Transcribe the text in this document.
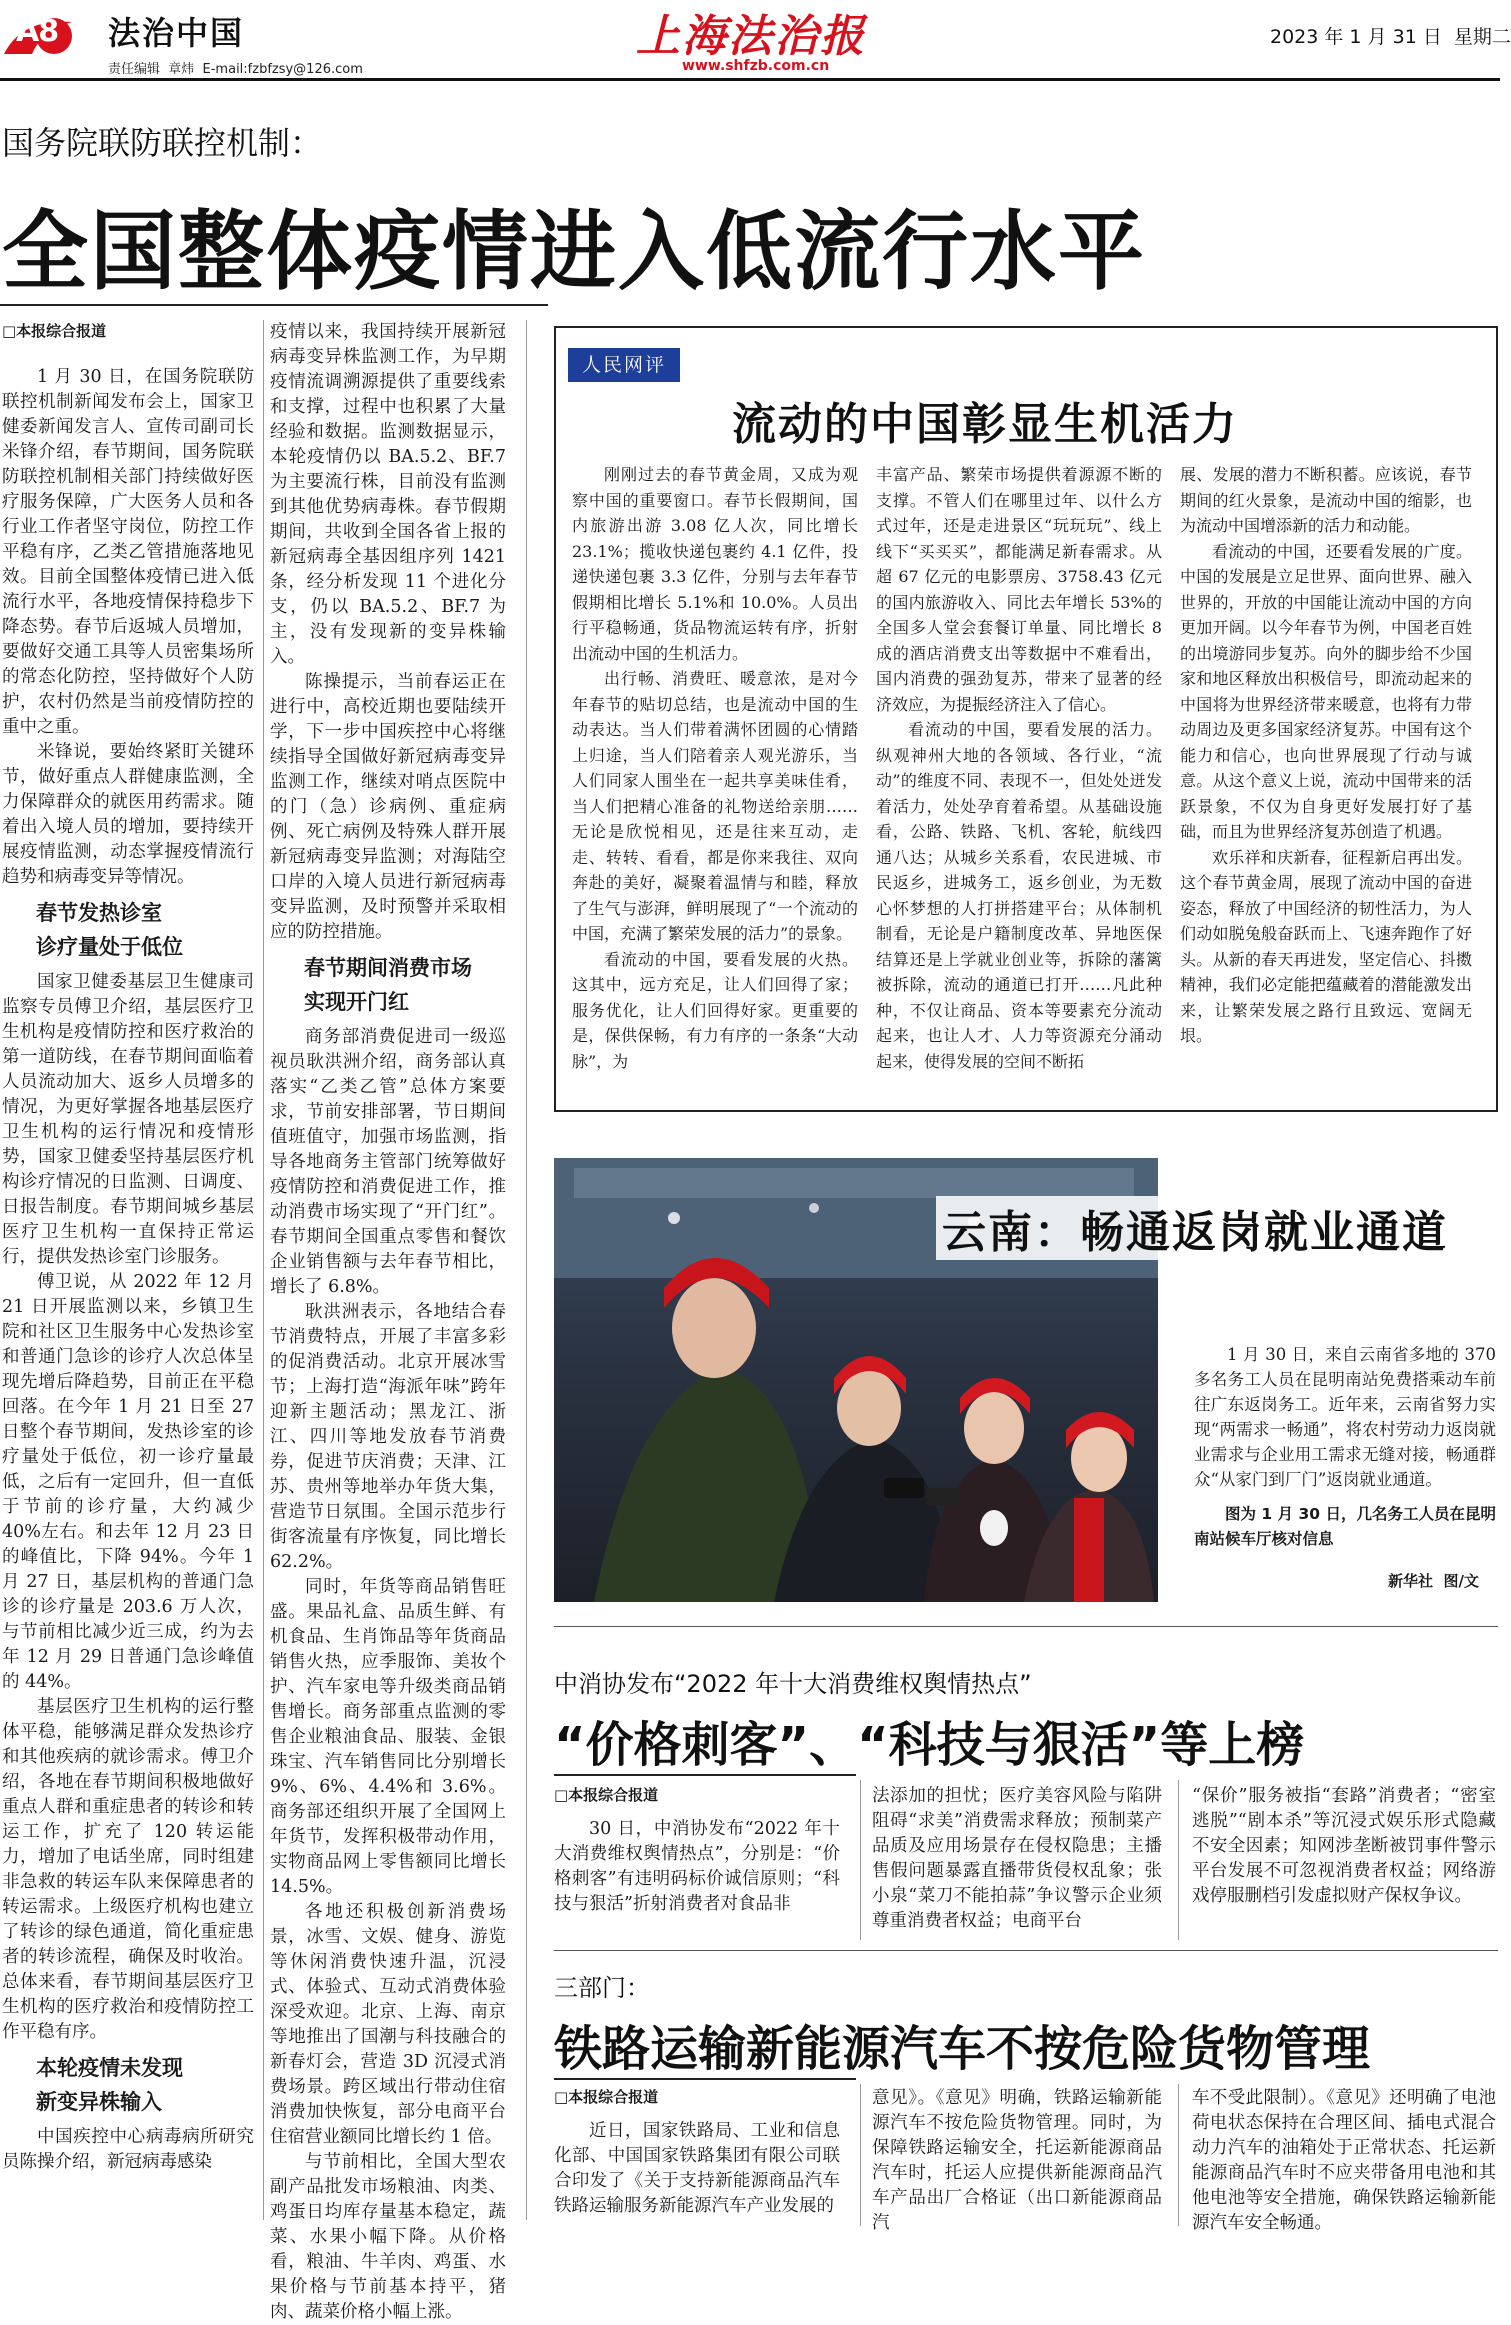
A8 法治中国
责任编辑  章炜  E-mail:fzbfzsy@126.com
上海法治报
www.shfzb.com.cn
2023 年 1 月 31 日  星期二
国务院联防联控机制：
全国整体疫情进入低流行水平
□本报综合报道

1 月 30 日，在国务院联防联控机制新闻发布会上，国家卫健委新闻发言人、宣传司副司长米锋介绍，春节期间，国务院联防联控机制相关部门持续做好医疗服务保障，广大医务人员和各行业工作者坚守岗位，防控工作平稳有序，乙类乙管措施落地见效。目前全国整体疫情已进入低流行水平，各地疫情保持稳步下降态势。春节后返城人员增加，要做好交通工具等人员密集场所的常态化防控，坚持做好个人防护，农村仍然是当前疫情防控的重中之重。

米锋说，要始终紧盯关键环节，做好重点人群健康监测，全力保障群众的就医用药需求。随着出入境人员的增加，要持续开展疫情监测，动态掌握疫情流行趋势和病毒变异等情况。

春节发热诊室
诊疗量处于低位

国家卫健委基层卫生健康司监察专员傅卫介绍，基层医疗卫生机构是疫情防控和医疗救治的第一道防线，在春节期间面临着人员流动加大、返乡人员增多的情况，为更好掌握各地基层医疗卫生机构的运行情况和疫情形势，国家卫健委坚持基层医疗机构诊疗情况的日监测、日调度、日报告制度。春节期间城乡基层医疗卫生机构一直保持正常运行，提供发热诊室门诊服务。

傅卫说，从 2022 年 12 月 21 日开展监测以来，乡镇卫生院和社区卫生服务中心发热诊室和普通门急诊的诊疗人次总体呈现先增后降趋势，目前正在平稳回落。在今年 1 月 21 日至 27 日整个春节期间，发热诊室的诊疗量处于低位，初一诊疗量最低，之后有一定回升，但一直低于节前的诊疗量，大约减少 40%左右。和去年 12 月 23 日的峰值比，下降 94%。今年 1 月 27 日，基层机构的普通门急诊的诊疗量是 203.6 万人次，与节前相比减少近三成，约为去年 12 月 29 日普通门急诊峰值的 44%。

基层医疗卫生机构的运行整体平稳，能够满足群众发热诊疗和其他疾病的就诊需求。傅卫介绍，各地在春节期间积极地做好重点人群和重症患者的转诊和转运工作，扩充了 120 转运能力，增加了电话坐席，同时组建非急救的转运车队来保障患者的转运需求。上级医疗机构也建立了转诊的绿色通道，简化重症患者的转诊流程，确保及时收治。总体来看，春节期间基层医疗卫生机构的医疗救治和疫情防控工作平稳有序。

本轮疫情未发现
新变异株输入

中国疾控中心病毒病所研究员陈操介绍，新冠病毒感染

疫情以来，我国持续开展新冠病毒变异株监测工作，为早期疫情流调溯源提供了重要线索和支撑，过程中也积累了大量经验和数据。监测数据显示，本轮疫情仍以 BA.5.2、BF.7 为主要流行株，目前没有监测到其他优势病毒株。春节假期期间，共收到全国各省上报的新冠病毒全基因组序列 1421 条，经分析发现 11 个进化分支，仍以 BA.5.2、BF.7 为主，没有发现新的变异株输入。

陈操提示，当前春运正在进行中，高校近期也要陆续开学，下一步中国疾控中心将继续指导全国做好新冠病毒变异监测工作，继续对哨点医院中的门（急）诊病例、重症病例、死亡病例及特殊人群开展新冠病毒变异监测；对海陆空口岸的入境人员进行新冠病毒变异监测，及时预警并采取相应的防控措施。

春节期间消费市场
实现开门红

商务部消费促进司一级巡视员耿洪洲介绍，商务部认真落实“乙类乙管”总体方案要求，节前安排部署，节日期间值班值守，加强市场监测，指导各地商务主管部门统筹做好疫情防控和消费促进工作，推动消费市场实现了“开门红”。春节期间全国重点零售和餐饮企业销售额与去年春节相比，增长了 6.8%。

耿洪洲表示，各地结合春节消费特点，开展了丰富多彩的促消费活动。北京开展冰雪节；上海打造“海派年味”跨年迎新主题活动；黑龙江、浙江、四川等地发放春节消费券，促进节庆消费；天津、江苏、贵州等地举办年货大集，营造节日氛围。全国示范步行街客流量有序恢复，同比增长 62.2%。

同时，年货等商品销售旺盛。果品礼盒、品质生鲜、有机食品、生肖饰品等年货商品销售火热，应季服饰、美妆个护、汽车家电等升级类商品销售增长。商务部重点监测的零售企业粮油食品、服装、金银珠宝、汽车销售同比分别增长 9%、6%、4.4%和 3.6%。商务部还组织开展了全国网上年货节，发挥积极带动作用，实物商品网上零售额同比增长 14.5%。

各地还积极创新消费场景，冰雪、文娱、健身、游览等休闲消费快速升温，沉浸式、体验式、互动式消费体验深受欢迎。北京、上海、南京等地推出了国潮与科技融合的新春灯会，营造 3D 沉浸式消费场景。跨区域出行带动住宿消费加快恢复，部分电商平台住宿营业额同比增长约 1 倍。

与节前相比，全国大型农副产品批发市场粮油、肉类、鸡蛋日均库存量基本稳定，蔬菜、水果小幅下降。从价格看，粮油、牛羊肉、鸡蛋、水果价格与节前基本持平，猪肉、蔬菜价格小幅上涨。

人民网评
流动的中国彰显生机活力

刚刚过去的春节黄金周，又成为观察中国的重要窗口。春节长假期间，国内旅游出游 3.08 亿人次，同比增长 23.1%；揽收快递包裹约 4.1 亿件，投递快递包裹 3.3 亿件，分别与去年春节假期相比增长 5.1%和 10.0%。人员出行平稳畅通，货品物流运转有序，折射出流动中国的生机活力。

出行畅、消费旺、暖意浓，是对今年春节的贴切总结，也是流动中国的生动表达。当人们带着满怀团圆的心情踏上归途，当人们陪着亲人观光游乐，当人们同家人围坐在一起共享美味佳肴，当人们把精心准备的礼物送给亲朋……无论是欣悦相见，还是往来互动，走走、转转、看看，都是你来我往、双向奔赴的美好，凝聚着温情与和睦，释放了生气与澎湃，鲜明展现了“一个流动的中国，充满了繁荣发展的活力”的景象。

看流动的中国，要看发展的火热。这其中，远方充足，让人们回得了家；服务优化，让人们回得好家。更重要的是，保供保畅，有力有序的一条条“大动脉”，为

丰富产品、繁荣市场提供着源源不断的支撑。不管人们在哪里过年、以什么方式过年，还是走进景区“玩玩玩”、线上线下“买买买”，都能满足新春需求。从超 67 亿元的电影票房、3758.43 亿元的国内旅游收入、同比去年增长 53%的全国多人堂会套餐订单量、同比增长 8 成的酒店消费支出等数据中不难看出，国内消费的强劲复苏，带来了显著的经济效应，为提振经济注入了信心。

看流动的中国，要看发展的活力。纵观神州大地的各领域、各行业，“流动”的维度不同、表现不一，但处处迸发着活力，处处孕育着希望。从基础设施看，公路、铁路、飞机、客轮，航线四通八达；从城乡关系看，农民进城、市民返乡，进城务工，返乡创业，为无数心怀梦想的人打拼搭建平台；从体制机制看，无论是户籍制度改革、异地医保结算还是上学就业创业等，拆除的藩篱被拆除，流动的通道已打开……凡此种种，不仅让商品、资本等要素充分流动起来，也让人才、人力等资源充分涌动起来，使得发展的空间不断拓

展、发展的潜力不断积蓄。应该说，春节期间的红火景象，是流动中国的缩影，也为流动中国增添新的活力和动能。

看流动的中国，还要看发展的广度。中国的发展是立足世界、面向世界、融入世界的，开放的中国能让流动中国的方向更加开阔。以今年春节为例，中国老百姓的出境游同步复苏。向外的脚步给不少国家和地区释放出积极信号，即流动起来的中国将为世界经济带来暖意，也将有力带动周边及更多国家经济复苏。中国有这个能力和信心，也向世界展现了行动与诚意。从这个意义上说，流动中国带来的活跃景象，不仅为自身更好发展打好了基础，而且为世界经济复苏创造了机遇。

欢乐祥和庆新春，征程新启再出发。这个春节黄金周，展现了流动中国的奋进姿态，释放了中国经济的韧性活力，为人们动如脱兔般奋跃而上、飞速奔跑作了好头。从新的春天再进发，坚定信心、抖擞精神，我们必定能把蕴藏着的潜能激发出来，让繁荣发展之路行且致远、宽阔无垠。

云南：畅通返岗就业通道

1 月 30 日，来自云南省多地的 370 多名务工人员在昆明南站免费搭乘动车前往广东返岗务工。近年来，云南省努力实现“两需求一畅通”，将农村劳动力返岗就业需求与企业用工需求无缝对接，畅通群众“从家门到厂门”返岗就业通道。

图为 1 月 30 日，几名务工人员在昆明南站候车厅核对信息
新华社  图/文
中消协发布“2022 年十大消费维权舆情热点”
“价格刺客”、“科技与狠活”等上榜
□本报综合报道

30 日，中消协发布“2022 年十大消费维权舆情热点”，分别是：“价格刺客”有违明码标价诚信原则；“科技与狠活”折射消费者对食品非

法添加的担忧；医疗美容风险与陷阱阻碍“求美”消费需求释放；预制菜产品质及应用场景存在侵权隐患；主播售假问题暴露直播带货侵权乱象；张小泉“菜刀不能拍蒜”争议警示企业须尊重消费者权益；电商平台

“保价”服务被指“套路”消费者；“密室逃脱”“剧本杀”等沉浸式娱乐形式隐藏不安全因素；知网涉垄断被罚事件警示平台发展不可忽视消费者权益；网络游戏停服删档引发虚拟财产保权争议。

三部门：
铁路运输新能源汽车不按危险货物管理
□本报综合报道

近日，国家铁路局、工业和信息化部、中国国家铁路集团有限公司联合印发了《关于支持新能源商品汽车铁路运输服务新能源汽车产业发展的

意见》。《意见》明确，铁路运输新能源汽车不按危险货物管理。同时，为保障铁路运输安全，托运新能源商品汽车时，托运人应提供新能源商品汽车产品出厂合格证（出口新能源商品汽

车不受此限制）。《意见》还明确了电池荷电状态保持在合理区间、插电式混合动力汽车的油箱处于正常状态、托运新能源商品汽车时不应夹带备用电池和其他电池等安全措施，确保铁路运输新能源汽车安全畅通。
